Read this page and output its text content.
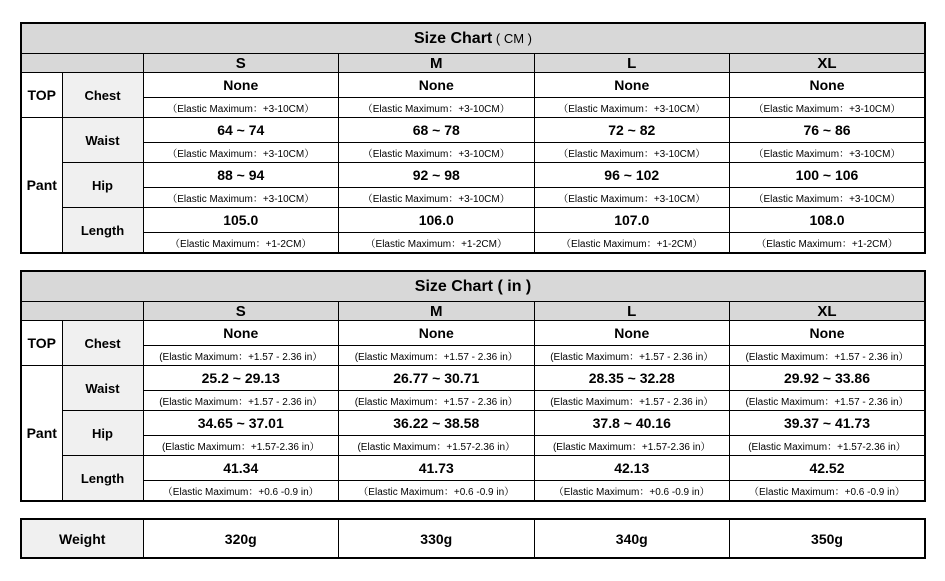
Size Chart ( CM )					
		S	M	L	XL
TOP	Chest	None	None	None	None
		（Elastic Maximum：+3-10CM）	（Elastic Maximum：+3-10CM）	（Elastic Maximum：+3-10CM）	（Elastic Maximum：+3-10CM）
Pant	Waist	64 ~ 74	68 ~ 78	72 ~ 82	76 ~ 86
		（Elastic Maximum：+3-10CM）	（Elastic Maximum：+3-10CM）	（Elastic Maximum：+3-10CM）	（Elastic Maximum：+3-10CM）
	Hip	88 ~ 94	92 ~ 98	96 ~ 102	100 ~ 106
		（Elastic Maximum：+3-10CM）	（Elastic Maximum：+3-10CM）	（Elastic Maximum：+3-10CM）	（Elastic Maximum：+3-10CM）
	Length	105.0	106.0	107.0	108.0
		（Elastic Maximum：+1-2CM）	（Elastic Maximum：+1-2CM）	（Elastic Maximum：+1-2CM）	（Elastic Maximum：+1-2CM）
Size Chart ( in )					
		S	M	L	XL
TOP	Chest	None	None	None	None
		(Elastic Maximum：+1.57 - 2.36 in）	(Elastic Maximum：+1.57 - 2.36 in）	(Elastic Maximum：+1.57 - 2.36 in）	(Elastic Maximum：+1.57 - 2.36 in）
Pant	Waist	25.2 ~ 29.13	26.77 ~ 30.71	28.35 ~ 32.28	29.92 ~ 33.86
		(Elastic Maximum：+1.57 - 2.36 in）	(Elastic Maximum：+1.57 - 2.36 in）	(Elastic Maximum：+1.57 - 2.36 in）	(Elastic Maximum：+1.57 - 2.36 in）
	Hip	34.65 ~ 37.01	36.22 ~ 38.58	37.8 ~ 40.16	39.37 ~ 41.73
		(Elastic Maximum：+1.57-2.36 in）	(Elastic Maximum：+1.57-2.36 in）	(Elastic Maximum：+1.57-2.36 in）	(Elastic Maximum：+1.57-2.36 in）
	Length	41.34	41.73	42.13	42.52
		（Elastic Maximum：+0.6 -0.9 in）	（Elastic Maximum：+0.6 -0.9 in）	（Elastic Maximum：+0.6 -0.9 in）	（Elastic Maximum：+0.6 -0.9 in）
Weight	320g	330g	340g	350g
